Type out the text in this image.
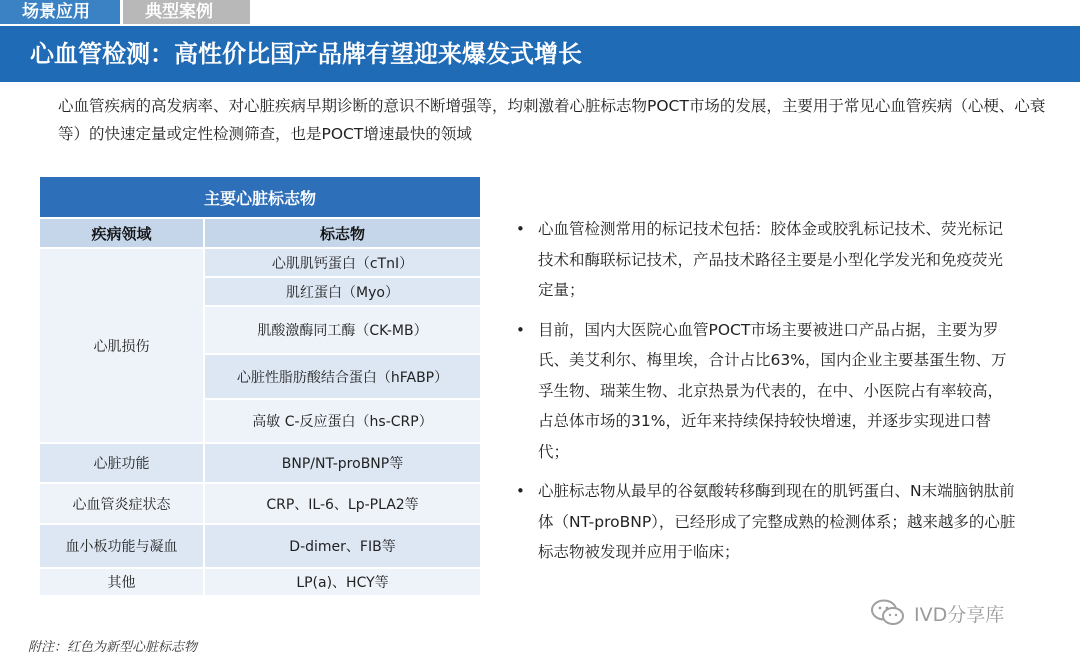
场景应用	典型案例
心血管检测：高性价比国产品牌有望迎来爆发式增长
心血管疾病的高发病率、对心脏疾病早期诊断的意识不断增强等，均刺激着心脏标志物POCT市场的发展，主要用于常见心血管疾病（心梗、心衰等）的快速定量或定性检测筛查，也是POCT增速最快的领域
主要心脏标志物	
疾病领域	标志物
心肌损伤	心肌肌钙蛋白（cTnI）
	肌红蛋白（Myo）
	肌酸激酶同工酶（CK-MB）
	心脏性脂肪酸结合蛋白（hFABP）
	高敏 C-反应蛋白（hs-CRP）
心脏功能	BNP/NT-proBNP等
心血管炎症状态	CRP、IL-6、Lp-PLA2等
血小板功能与凝血	D-dimer、FIB等
其他	LP(a)、HCY等
• 心血管检测常用的标记技术包括：胶体金或胶乳标记技术、荧光标记技术和酶联标记技术，产品技术路径主要是小型化学发光和免疫荧光定量；
• 目前，国内大医院心血管POCT市场主要被进口产品占据，主要为罗氏、美艾利尔、梅里埃，合计占比63%，国内企业主要基蛋生物、万孚生物、瑞莱生物、北京热景为代表的，在中、小医院占有率较高，占总体市场的31%，近年来持续保持较快增速，并逐步实现进口替代；
• 心脏标志物从最早的谷氨酸转移酶到现在的肌钙蛋白、N末端脑钠肽前体（NT-proBNP），已经形成了完整成熟的检测体系；越来越多的心脏标志物被发现并应用于临床；
附注：红色为新型心脏标志物
IVD分享库
